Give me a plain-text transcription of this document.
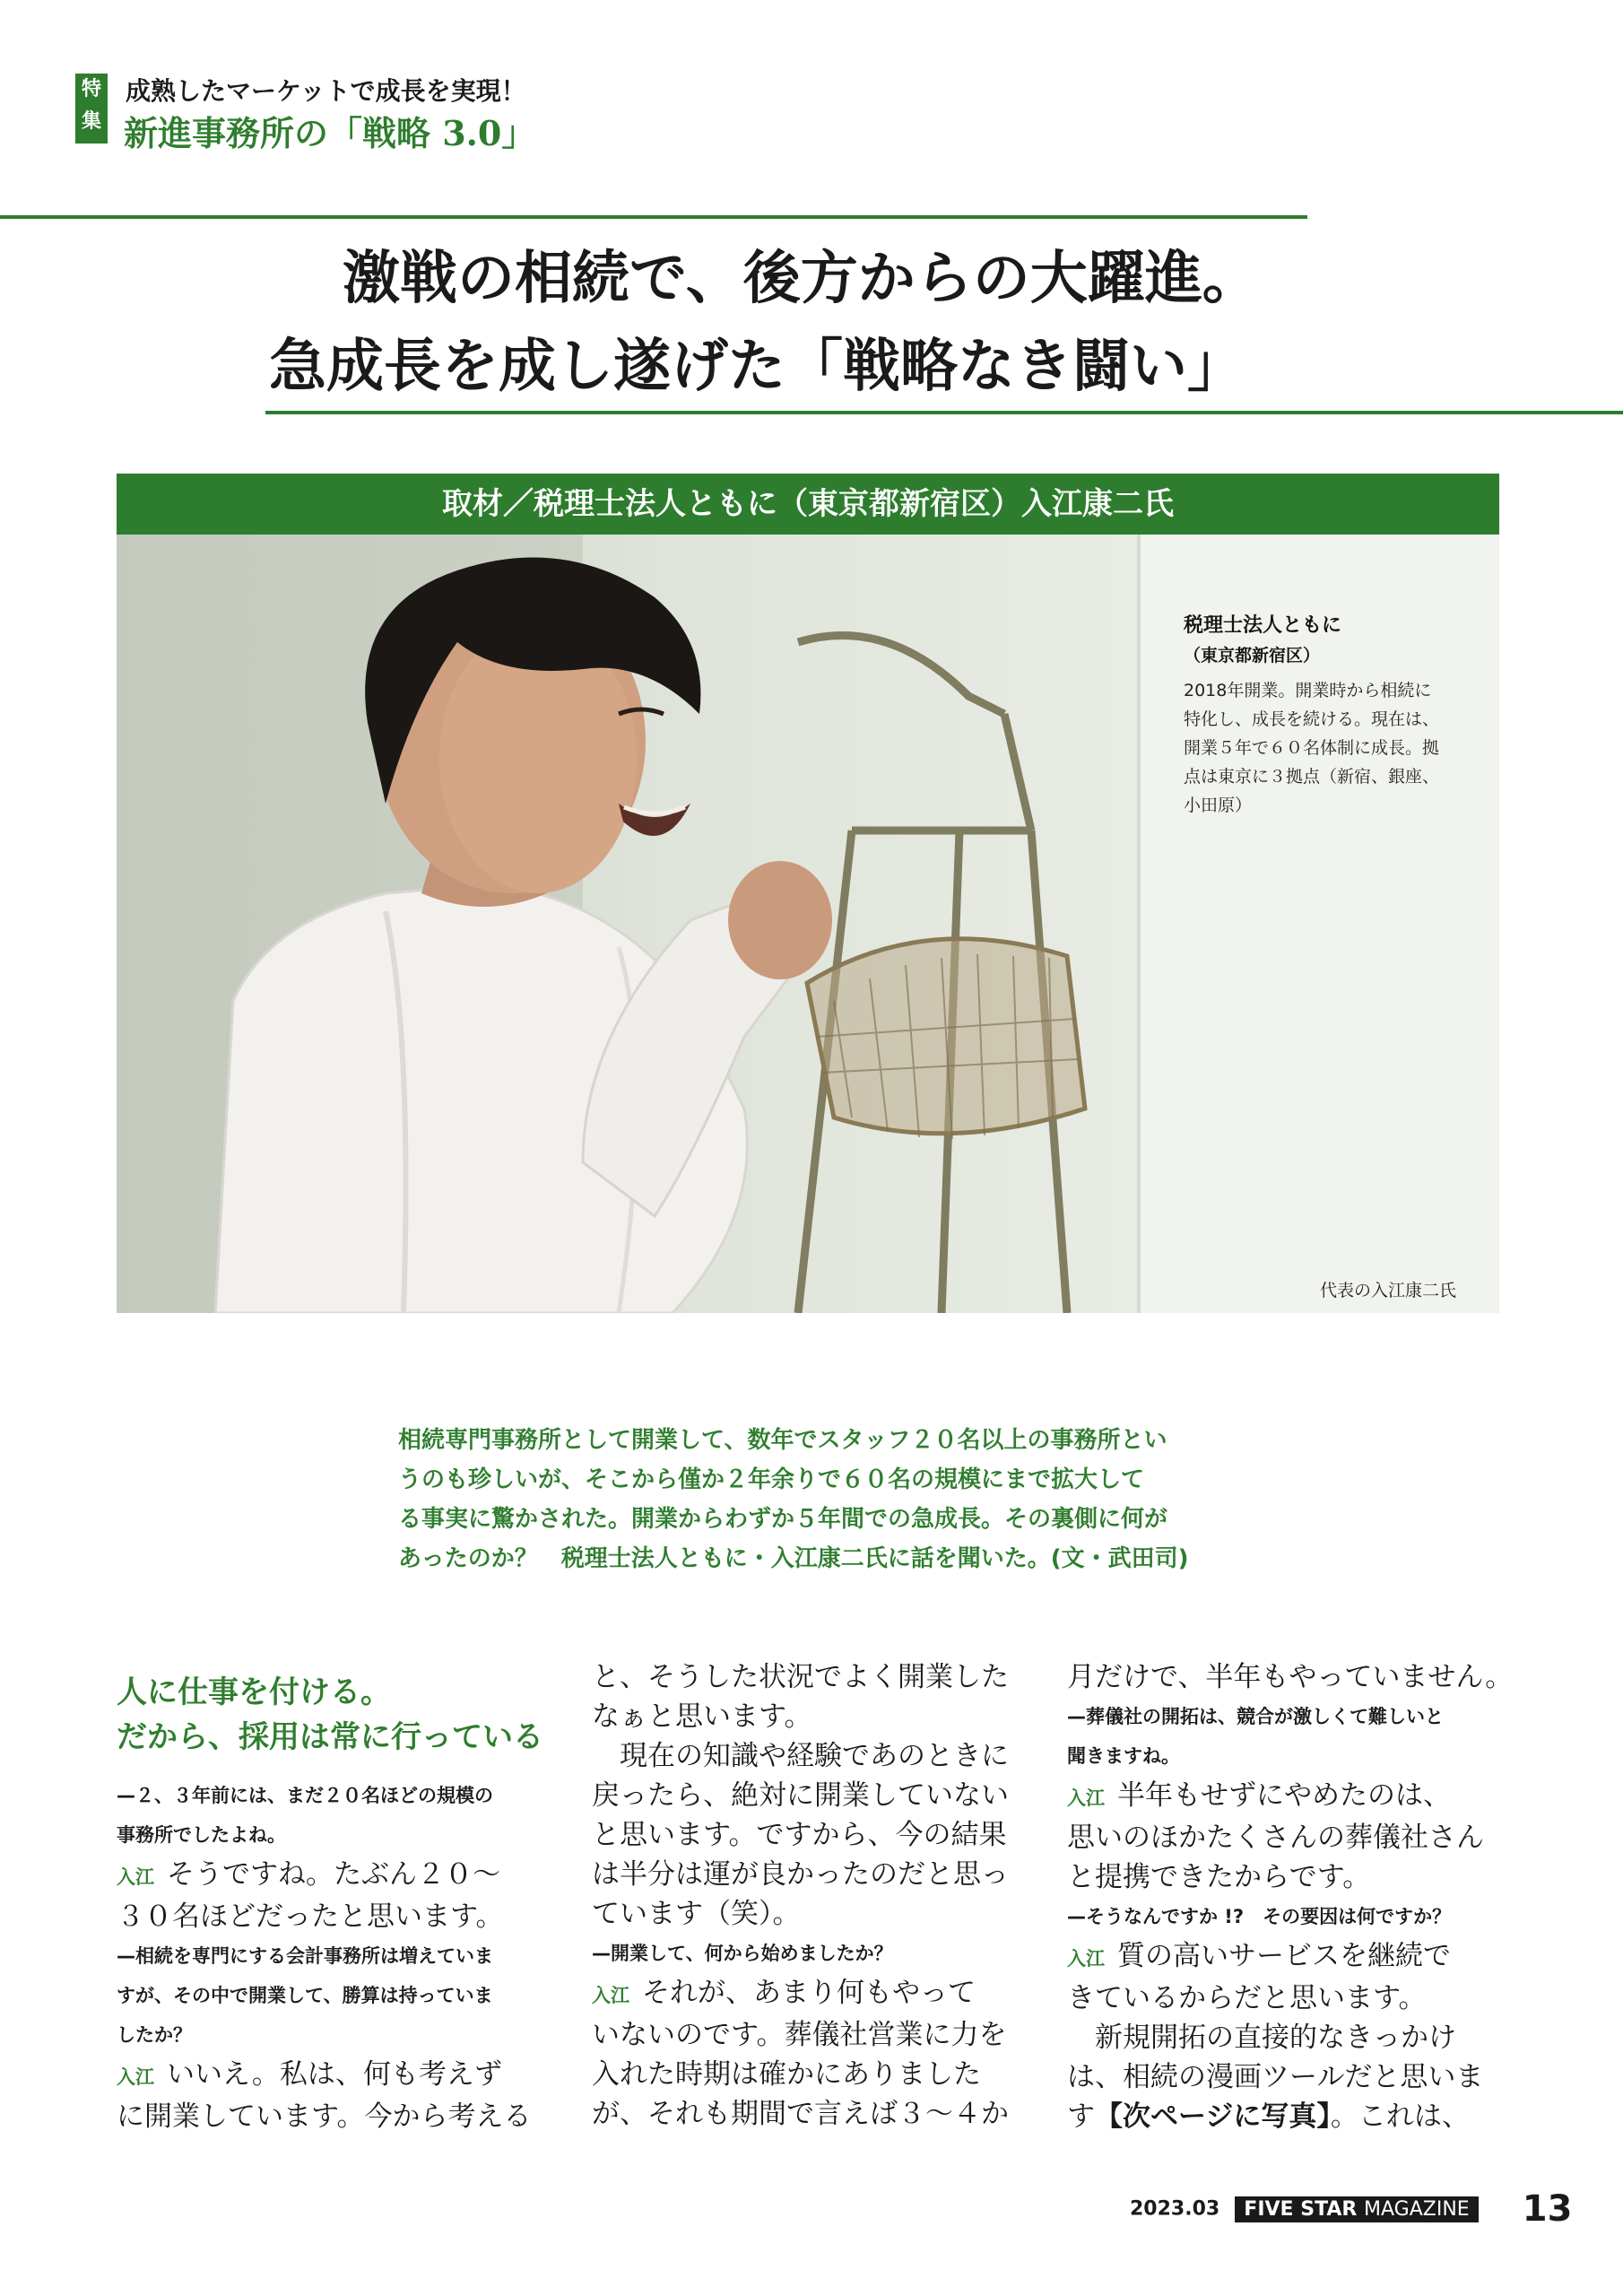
特集
成熟したマーケットで成長を実現！
新進事務所の「戦略 3.0」
激戦の相続で、後方からの大躍進。
急成長を成し遂げた「戦略なき闘い」
取材／税理士法人ともに（東京都新宿区）入江康二氏
税理士法人ともに
（東京都新宿区）
2018年開業。開業時から相続に
特化し、成長を続ける。現在は、
開業５年で６０名体制に成長。拠
点は東京に３拠点（新宿、銀座、
小田原）
代表の入江康二氏
相続専門事務所として開業して、数年でスタッフ２０名以上の事務所とい
うのも珍しいが、そこから僅か２年余りで６０名の規模にまで拡大して
る事実に驚かされた。開業からわずか５年間での急成長。その裏側に何が
あったのか？　税理士法人ともに・入江康二氏に話を聞いた。(文・武田司)
人に仕事を付ける。
だから、採用は常に行っている
—２、３年前には、まだ２０名ほどの規模の
事務所でしたよね。
入江 そうですね。たぶん２０～
３０名ほどだったと思います。
—相続を専門にする会計事務所は増えていま
すが、その中で開業して、勝算は持っていま
したか？
入江 いいえ。私は、何も考えず
に開業しています。今から考える
と、そうした状況でよく開業した
なぁと思います。
　現在の知識や経験であのときに
戻ったら、絶対に開業していない
と思います。ですから、今の結果
は半分は運が良かったのだと思っ
ています（笑）。
—開業して、何から始めましたか？
入江 それが、あまり何もやって
いないのです。葬儀社営業に力を
入れた時期は確かにありました
が、それも期間で言えば３～４か
月だけで、半年もやっていません。
—葬儀社の開拓は、競合が激しくて難しいと
聞きますね。
入江 半年もせずにやめたのは、
思いのほかたくさんの葬儀社さん
と提携できたからです。
—そうなんですか !?　その要因は何ですか？
入江 質の高いサービスを継続で
きているからだと思います。
　新規開拓の直接的なきっかけ
は、相続の漫画ツールだと思いま
す【次ページに写真】。これは、
2023.03 FIVE STAR MAGAZINE 13
